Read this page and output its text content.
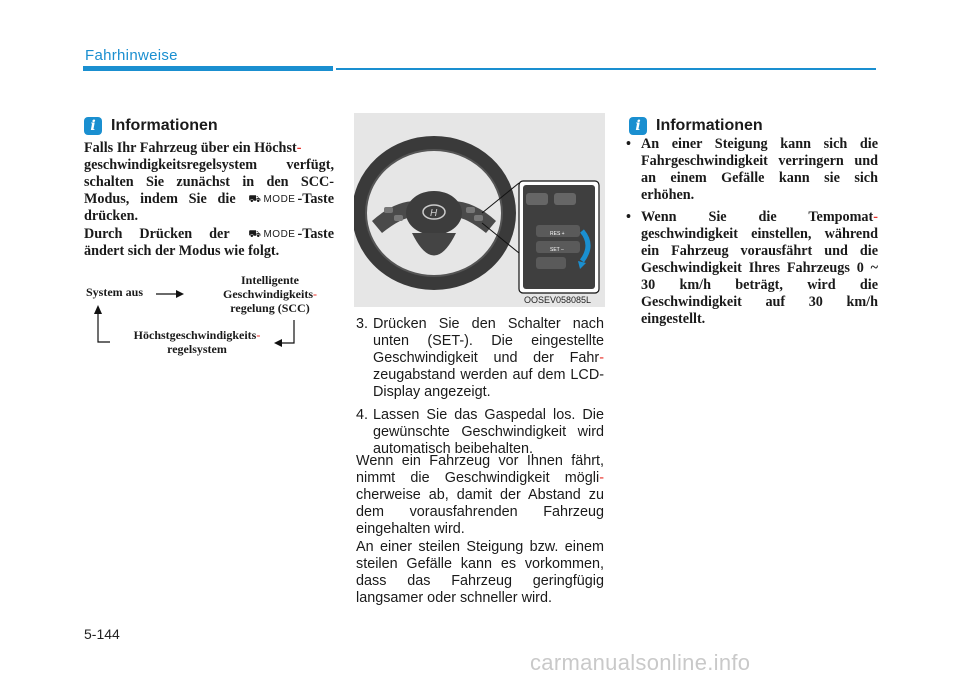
Fahrhinweise
i Informationen

Falls Ihr Fahrzeug über ein Höchst-
geschwindigkeitsregelsystem verfügt, schalten Sie zunächst in den SCC-Modus, indem Sie die ⛟ MODE -Taste drücken.

Durch Drücken der ⛟ MODE -Taste ändert sich der Modus wie folgt.

System aus
Intelligente
Geschwindigkeits-
regelung (SCC)
Höchstgeschwindigkeits-
regelsystem
H
RES +
SET –
OOSEV058085L
3. Drücken Sie den Schalter nach unten (SET-). Die eingestellte Geschwindigkeit und der Fahr-zeugabstand werden auf dem LCD-Display angezeigt.
4. Lassen Sie das Gaspedal los. Die gewünschte Geschwindigkeit wird automatisch beibehalten.

Wenn ein Fahrzeug vor Ihnen fährt, nimmt die Geschwindigkeit mögli-cherweise ab, damit der Abstand zu dem vorausfahrenden Fahrzeug eingehalten wird.

An einer steilen Steigung bzw. einem steilen Gefälle kann es vorkommen, dass das Fahrzeug geringfügig langsamer oder schneller wird.

i Informationen
• An einer Steigung kann sich die Fahrgeschwindigkeit verringern und an einem Gefälle kann sie sich erhöhen.
• Wenn Sie die Tempomat-geschwindigkeit einstellen, während ein Fahrzeug vorausfährt und die Geschwindigkeit Ihres Fahrzeugs 0 ~ 30 km/h beträgt, wird die Geschwindigkeit auf 30 km/h eingestellt.
5-144
carmanualsonline.info
